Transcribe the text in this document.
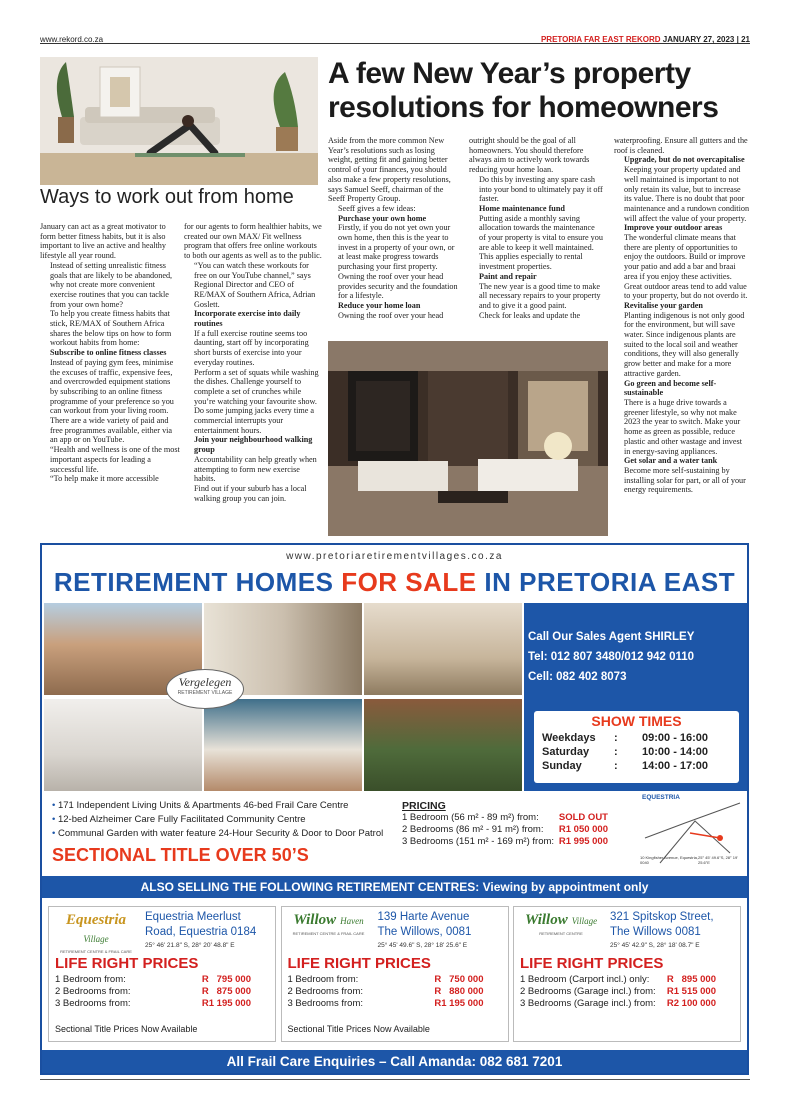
www.rekord.co.za	PRETORIA FAR EAST REKORD JANUARY 27, 2023 | 21
Ways to work out from home

January can act as a great motivator to form better fitness habits, but it is also important to live an active and healthy lifestyle all year round.

Instead of setting unrealistic fitness goals that are likely to be abandoned, why not create more convenient exercise routines that you can tackle from your own home?

To help you create fitness habits that stick, RE/MAX of Southern Africa shares the below tips on how to form workout habits from home:

Subscribe to online fitness classes

Instead of paying gym fees, minimise the excuses of traffic, expensive fees, and overcrowded equipment stations by subscribing to an online fitness programme of your preference so you can workout from your living room.

There are a wide variety of paid and free programmes available, either via an app or on YouTube.

“Health and wellness is one of the most important aspects for leading a successful life.

“To help make it more accessible

for our agents to form healthier habits, we created our own MAX/ Fit wellness program that offers free online workouts to both our agents as well as to the public.

“You can watch these workouts for free on our YouTube channel,” says Regional Director and CEO of RE/MAX of Southern Africa, Adrian Goslett.

Incorporate exercise into daily routines

If a full exercise routine seems too daunting, start off by incorporating short bursts of exercise into your everyday routines.

Perform a set of squats while washing the dishes. Challenge yourself to complete a set of crunches while you’re watching your favourite show.

Do some jumping jacks every time a commercial interrupts your entertainment hours.

Join your neighbourhood walking group

Accountability can help greatly when attempting to form new exercise habits.

Find out if your suburb has a local walking group you can join.

A few New Year’s property
resolutions for homeowners

Aside from the more common New Year’s resolutions such as losing weight, getting fit and gaining better control of your finances, you should also make a few property resolutions, says Samuel Seeff, chairman of the Seeff Property Group.

Seeff gives a few ideas:

Purchase your own home

Firstly, if you do not yet own your own home, then this is the year to invest in a property of your own, or at least make progress towards purchasing your first property. Owning the roof over your head provides security and the foundation for a lifestyle.

Reduce your home loan

Owning the roof over your head

outright should be the goal of all homeowners. You should therefore always aim to actively work towards reducing your home loan.

Do this by investing any spare cash into your bond to ultimately pay it off faster.

Home maintenance fund

Putting aside a monthly saving allocation towards the maintenance of your property is vital to ensure you are able to keep it well maintained. This applies especially to rental investment properties.

Paint and repair

The new year is a good time to make all necessary repairs to your property and to give it a good paint.

Check for leaks and update the

waterproofing. Ensure all gutters and the roof is cleaned.

Upgrade, but do not overcapitalise

Keeping your property updated and well maintained is important to not only retain its value, but to increase its value. There is no doubt that poor maintenance and a rundown condition will affect the value of your property.

Improve your outdoor areas

The wonderful climate means that there are plenty of opportunities to enjoy the outdoors. Build or improve your patio and add a bar and braai area if you enjoy these activities. Great outdoor areas tend to add value to your property, but do not overdo it.

Revitalise your garden

Planting indigenous is not only good for the environment, but will save water. Since indigenous plants are suited to the local soil and weather conditions, they will also generally grow better and make for a more attractive garden.

Go green and become self-sustainable

There is a huge drive towards a greener lifestyle, so why not make 2023 the year to switch. Make your home as green as possible, reduce plastic and other wastage and invest in energy-saving appliances.

Get solar and a water tank

Become more self-sustaining by installing solar for part, or all of your energy requirements.

www.pretoriaretirementvillages.co.za
RETIREMENT HOMES FOR SALE IN PRETORIA EAST
Vergelegen
RETIREMENT VILLAGE
Call Our Sales Agent SHIRLEY
Tel: 012 807 3480/012 942 0110
Cell: 082 402 8073
SHOW TIMES
Weekdays	:	09:00 - 16:00
Saturday	:	10:00 - 14:00
Sunday	:	14:00 - 17:00
• 171 Independent Living Units & Apartments 46-bed Frail Care Centre
• 12-bed Alzheimer Care Fully Facilitated Community Centre
• Communal Garden with water feature 24-Hour Security & Door to Door Patrol
SECTIONAL TITLE OVER 50’S
PRICING
1 Bedroom (56 m² - 89 m²) from: SOLD OUT
2 Bedrooms (86 m² - 91 m²) from: R1 050 000
3 Bedrooms (151 m² - 169 m²) from: R1 995 000
EQUESTRIA
10 Kingfisher Avenue, Equestria, 0040
25° 45' 49.6"S, 28° 19' 25.6"E
ALSO SELLING THE FOLLOWING RETIREMENT CENTRES: Viewing by appointment only
Equestria Village
RETIREMENT CENTRE & FRAIL CARE
Equestria Meerlust
Road, Equestria 0184
25° 46' 21.8" S, 28° 20' 48.8" E
LIFE RIGHT PRICES
1 Bedroom from:	R   795 000
2 Bedrooms from:	R   875 000
3 Bedrooms from:	R1 195 000
Sectional Title Prices Now Available
Willow Haven
RETIREMENT CENTRE & FRAIL CARE
139 Harte Avenue
The Willows, 0081
25° 45' 49.6" S, 28° 18' 25.6" E
LIFE RIGHT PRICES
1 Bedroom from:	R   750 000
2 Bedrooms from:	R   880 000
3 Bedrooms from:	R1 195 000
Sectional Title Prices Now Available
Willow Village
RETIREMENT CENTRE
321 Spitskop Street,
The Willows 0081
25° 45' 42.9" S, 28° 18' 08.7" E
LIFE RIGHT PRICES
1 Bedroom (Carport incl.) only: R   895 000
2 Bedrooms (Garage incl.) from: R1 515 000
3 Bedrooms (Garage incl.) from: R2 100 000
All Frail Care Enquiries – Call Amanda: 082 681 7201
